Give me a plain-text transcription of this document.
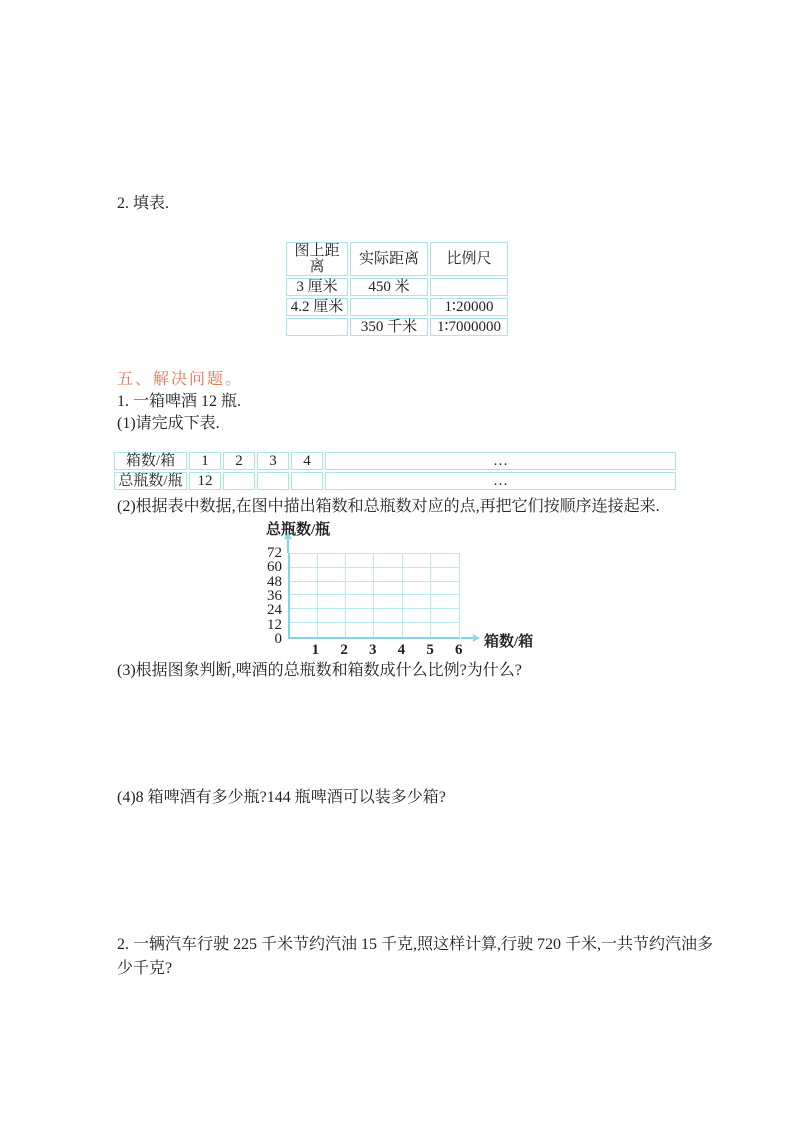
2. 填表.
图上距离	实际距离	比例尺
3 厘米	450 米	
4.2 厘米		1∶20000
	350 千米	1∶7000000
五、解决问题。
1. 一箱啤酒 12 瓶.
(1)请完成下表.
箱数/箱	1	2	3	4	…
总瓶数/瓶	12				…
(2)根据表中数据,在图中描出箱数和总瓶数对应的点,再把它们按顺序连接起来.
总瓶数/瓶
箱数/箱
72
60
48
36
24
12
0
1 2 3 4 5 6
(3)根据图象判断,啤酒的总瓶数和箱数成什么比例?为什么?
(4)8 箱啤酒有多少瓶?144 瓶啤酒可以装多少箱?
2. 一辆汽车行驶 225 千米节约汽油 15 千克,照这样计算,行驶 720 千米,一共节约汽油多少千克?
